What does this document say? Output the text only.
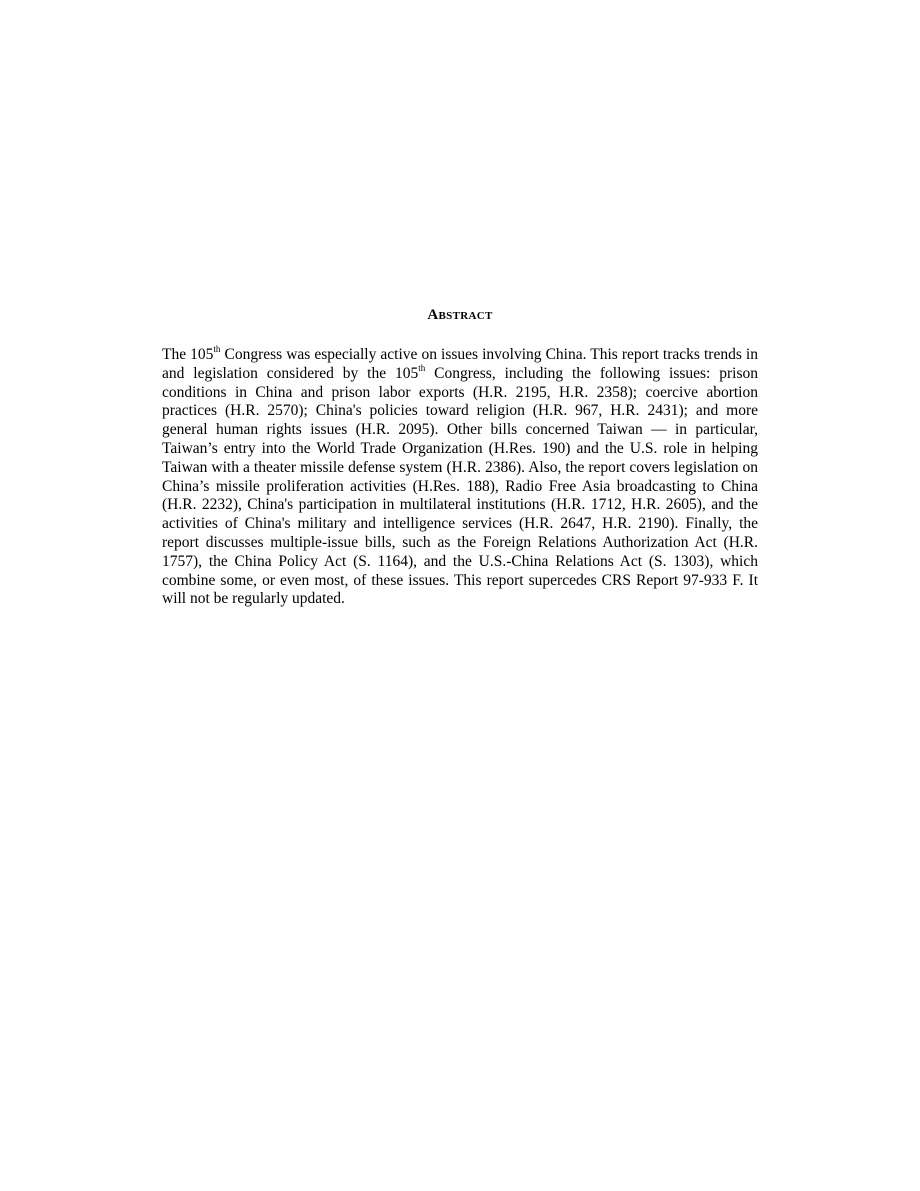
Abstract

The 105th Congress was especially active on issues involving China. This report tracks trends in and legislation considered by the 105th Congress, including the following issues: prison conditions in China and prison labor exports (H.R. 2195, H.R. 2358); coercive abortion practices (H.R. 2570); China's policies toward religion (H.R. 967, H.R. 2431); and more general human rights issues (H.R. 2095). Other bills concerned Taiwan — in particular, Taiwan’s entry into the World Trade Organization (H.Res. 190) and the U.S. role in helping Taiwan with a theater missile defense system (H.R. 2386). Also, the report covers legislation on China’s missile proliferation activities (H.Res. 188), Radio Free Asia broadcasting to China (H.R. 2232), China's participation in multilateral institutions (H.R. 1712, H.R. 2605), and the activities of China's military and intelligence services (H.R. 2647, H.R. 2190). Finally, the report discusses multiple-issue bills, such as the Foreign Relations Authorization Act (H.R. 1757), the China Policy Act (S. 1164), and the U.S.-China Relations Act (S. 1303), which combine some, or even most, of these issues. This report supercedes CRS Report 97-933 F. It will not be regularly updated.
